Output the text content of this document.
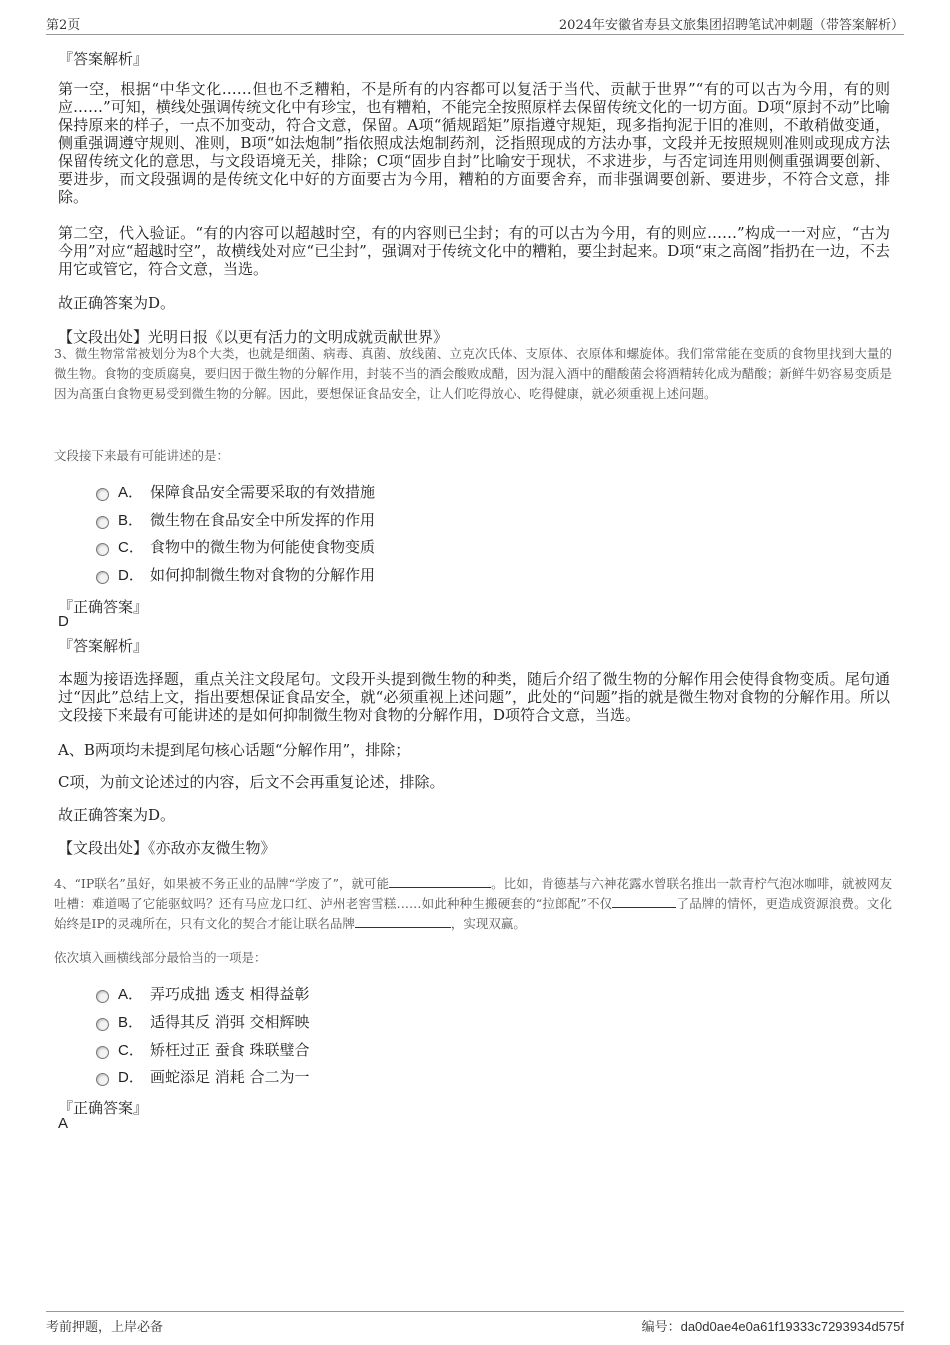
第2页	2024年安徽省寿县文旅集团招聘笔试冲刺题（带答案解析）
『答案解析』

第一空，根据“中华文化……但也不乏糟粕，不是所有的内容都可以复活于当代、贡献于世界”“有的可以古为今用，有的则应……”可知，横线处强调传统文化中有珍宝，也有糟粕，不能完全按照原样去保留传统文化的一切方面。D项“原封不动”比喻保持原来的样子，一点不加变动，符合文意，保留。A项“循规蹈矩”原指遵守规矩，现多指拘泥于旧的准则，不敢稍做变通，侧重强调遵守规则、准则，B项“如法炮制”指依照成法炮制药剂，泛指照现成的方法办事，文段并无按照规则准则或现成方法保留传统文化的意思，与文段语境无关，排除；C项“固步自封”比喻安于现状，不求进步，与否定词连用则侧重强调要创新、要进步，而文段强调的是传统文化中好的方面要古为今用，糟粕的方面要舍弃，而非强调要创新、要进步，不符合文意，排除。

第二空，代入验证。“有的内容可以超越时空，有的内容则已尘封；有的可以古为今用，有的则应……”构成一一对应，“古为今用”对应“超越时空”，故横线处对应“已尘封”，强调对于传统文化中的糟粕，要尘封起来。D项“束之高阁”指扔在一边，不去用它或管它，符合文意，当选。

故正确答案为D。
【文段出处】光明日报《以更有活力的文明成就贡献世界》

3、微生物常常被划分为8个大类，也就是细菌、病毒、真菌、放线菌、立克次氏体、支原体、衣原体和螺旋体。我们常常能在变质的食物里找到大量的微生物。食物的变质腐臭，要归因于微生物的分解作用，封装不当的酒会酸败成醋，因为混入酒中的醋酸菌会将酒精转化成为醋酸；新鲜牛奶容易变质是因为高蛋白食物更易受到微生物的分解。因此，要想保证食品安全，让人们吃得放心、吃得健康，就必须重视上述问题。

文段接下来最有可能讲述的是：
A． 保障食品安全需要采取的有效措施
B． 微生物在食品安全中所发挥的作用
C． 食物中的微生物为何能使食物变质
D． 如何抑制微生物对食物的分解作用
『正确答案』
D
『答案解析』

本题为接语选择题，重点关注文段尾句。文段开头提到微生物的种类，随后介绍了微生物的分解作用会使得食物变质。尾句通过“因此”总结上文，指出要想保证食品安全，就“必须重视上述问题”，此处的“问题”指的就是微生物对食物的分解作用。所以文段接下来最有可能讲述的是如何抑制微生物对食物的分解作用，D项符合文意，当选。

A、B两项均未提到尾句核心话题“分解作用”，排除；
C项，为前文论述过的内容，后文不会再重复论述，排除。
故正确答案为D。
【文段出处】《亦敌亦友微生物》

4、“IP联名”虽好，如果被不务正业的品牌“学废了”，就可能	。比如，肯德基与六神花露水曾联名推出一款青柠气泡冰咖啡，就被网友吐槽：难道喝了它能驱蚊吗？还有马应龙口红、泸州老窖雪糕……如此种种生搬硬套的“拉郎配”不仅	了品牌的情怀，更造成资源浪费。文化始终是IP的灵魂所在，只有文化的契合才能让联名品牌	，实现双赢。

依次填入画横线部分最恰当的一项是：
A． 弄巧成拙 透支 相得益彰
B． 适得其反 消弭 交相辉映
C． 矫枉过正 蚕食 珠联璧合
D． 画蛇添足 消耗 合二为一
『正确答案』
A
考前押题，上岸必备	编号：da0d0ae4e0a61f19333c7293934d575f
